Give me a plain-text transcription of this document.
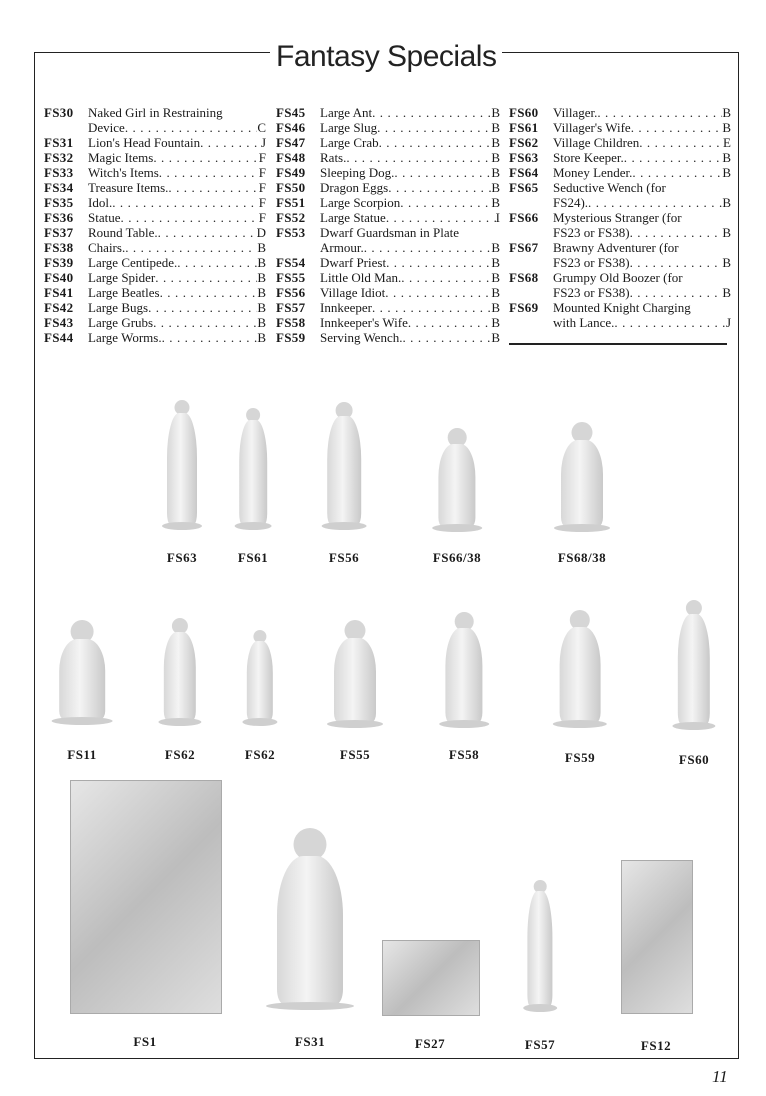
Fantasy Specials
FS30	Naked Girl in Restraining
Device . . .	C
FS31	Lion's Head Fountain . . .	J
FS32	Magic Items . . .	F
FS33	Witch's Items . . .	F
FS34	Treasure Items. . . .	F
FS35	Idol. . . .	F
FS36	Statue . . .	F
FS37	Round Table. . . .	D
FS38	Chairs. . . .	B
FS39	Large Centipede. . . .	B
FS40	Large Spider . . .	B
FS41	Large Beatles . . .	B
FS42	Large Bugs . . .	B
FS43	Large Grubs . . .	B
FS44	Large Worms. . . .	B
FS45	Large Ant . . .	B
FS46	Large Slug . . .	B
FS47	Large Crab . . .	B
FS48	Rats. . . .	B
FS49	Sleeping Dog. . . .	B
FS50	Dragon Eggs . . .	B
FS51	Large Scorpion . . .	B
FS52	Large Statue . . .	I
FS53	Dwarf Guardsman in Plate
Armour. . . .	B
FS54	Dwarf Priest . . .	B
FS55	Little Old Man. . . .	B
FS56	Village Idiot . . .	B
FS57	Innkeeper . . .	B
FS58	Innkeeper's Wife . . .	B
FS59	Serving Wench. . . .	B
FS60	Villager. . . .	B
FS61	Villager's Wife . . .	B
FS62	Village Children . . .	E
FS63	Store Keeper. . . .	B
FS64	Money Lender. . . .	B
FS65	Seductive Wench (for
FS24). . . .	B
FS66	Mysterious Stranger (for
FS23 or FS38) . . .	B
FS67	Brawny Adventurer (for
FS23 or FS38) . . .	B
FS68	Grumpy Old Boozer (for
FS23 or FS38) . . .	B
FS69	Mounted Knight Charging
with Lance. . . .	J
FS63	FS61	FS56	FS66/38	FS68/38
FS11	FS62	FS62	FS55	FS58	FS59	FS60
FS1	FS31	FS27	FS57	FS12
11
